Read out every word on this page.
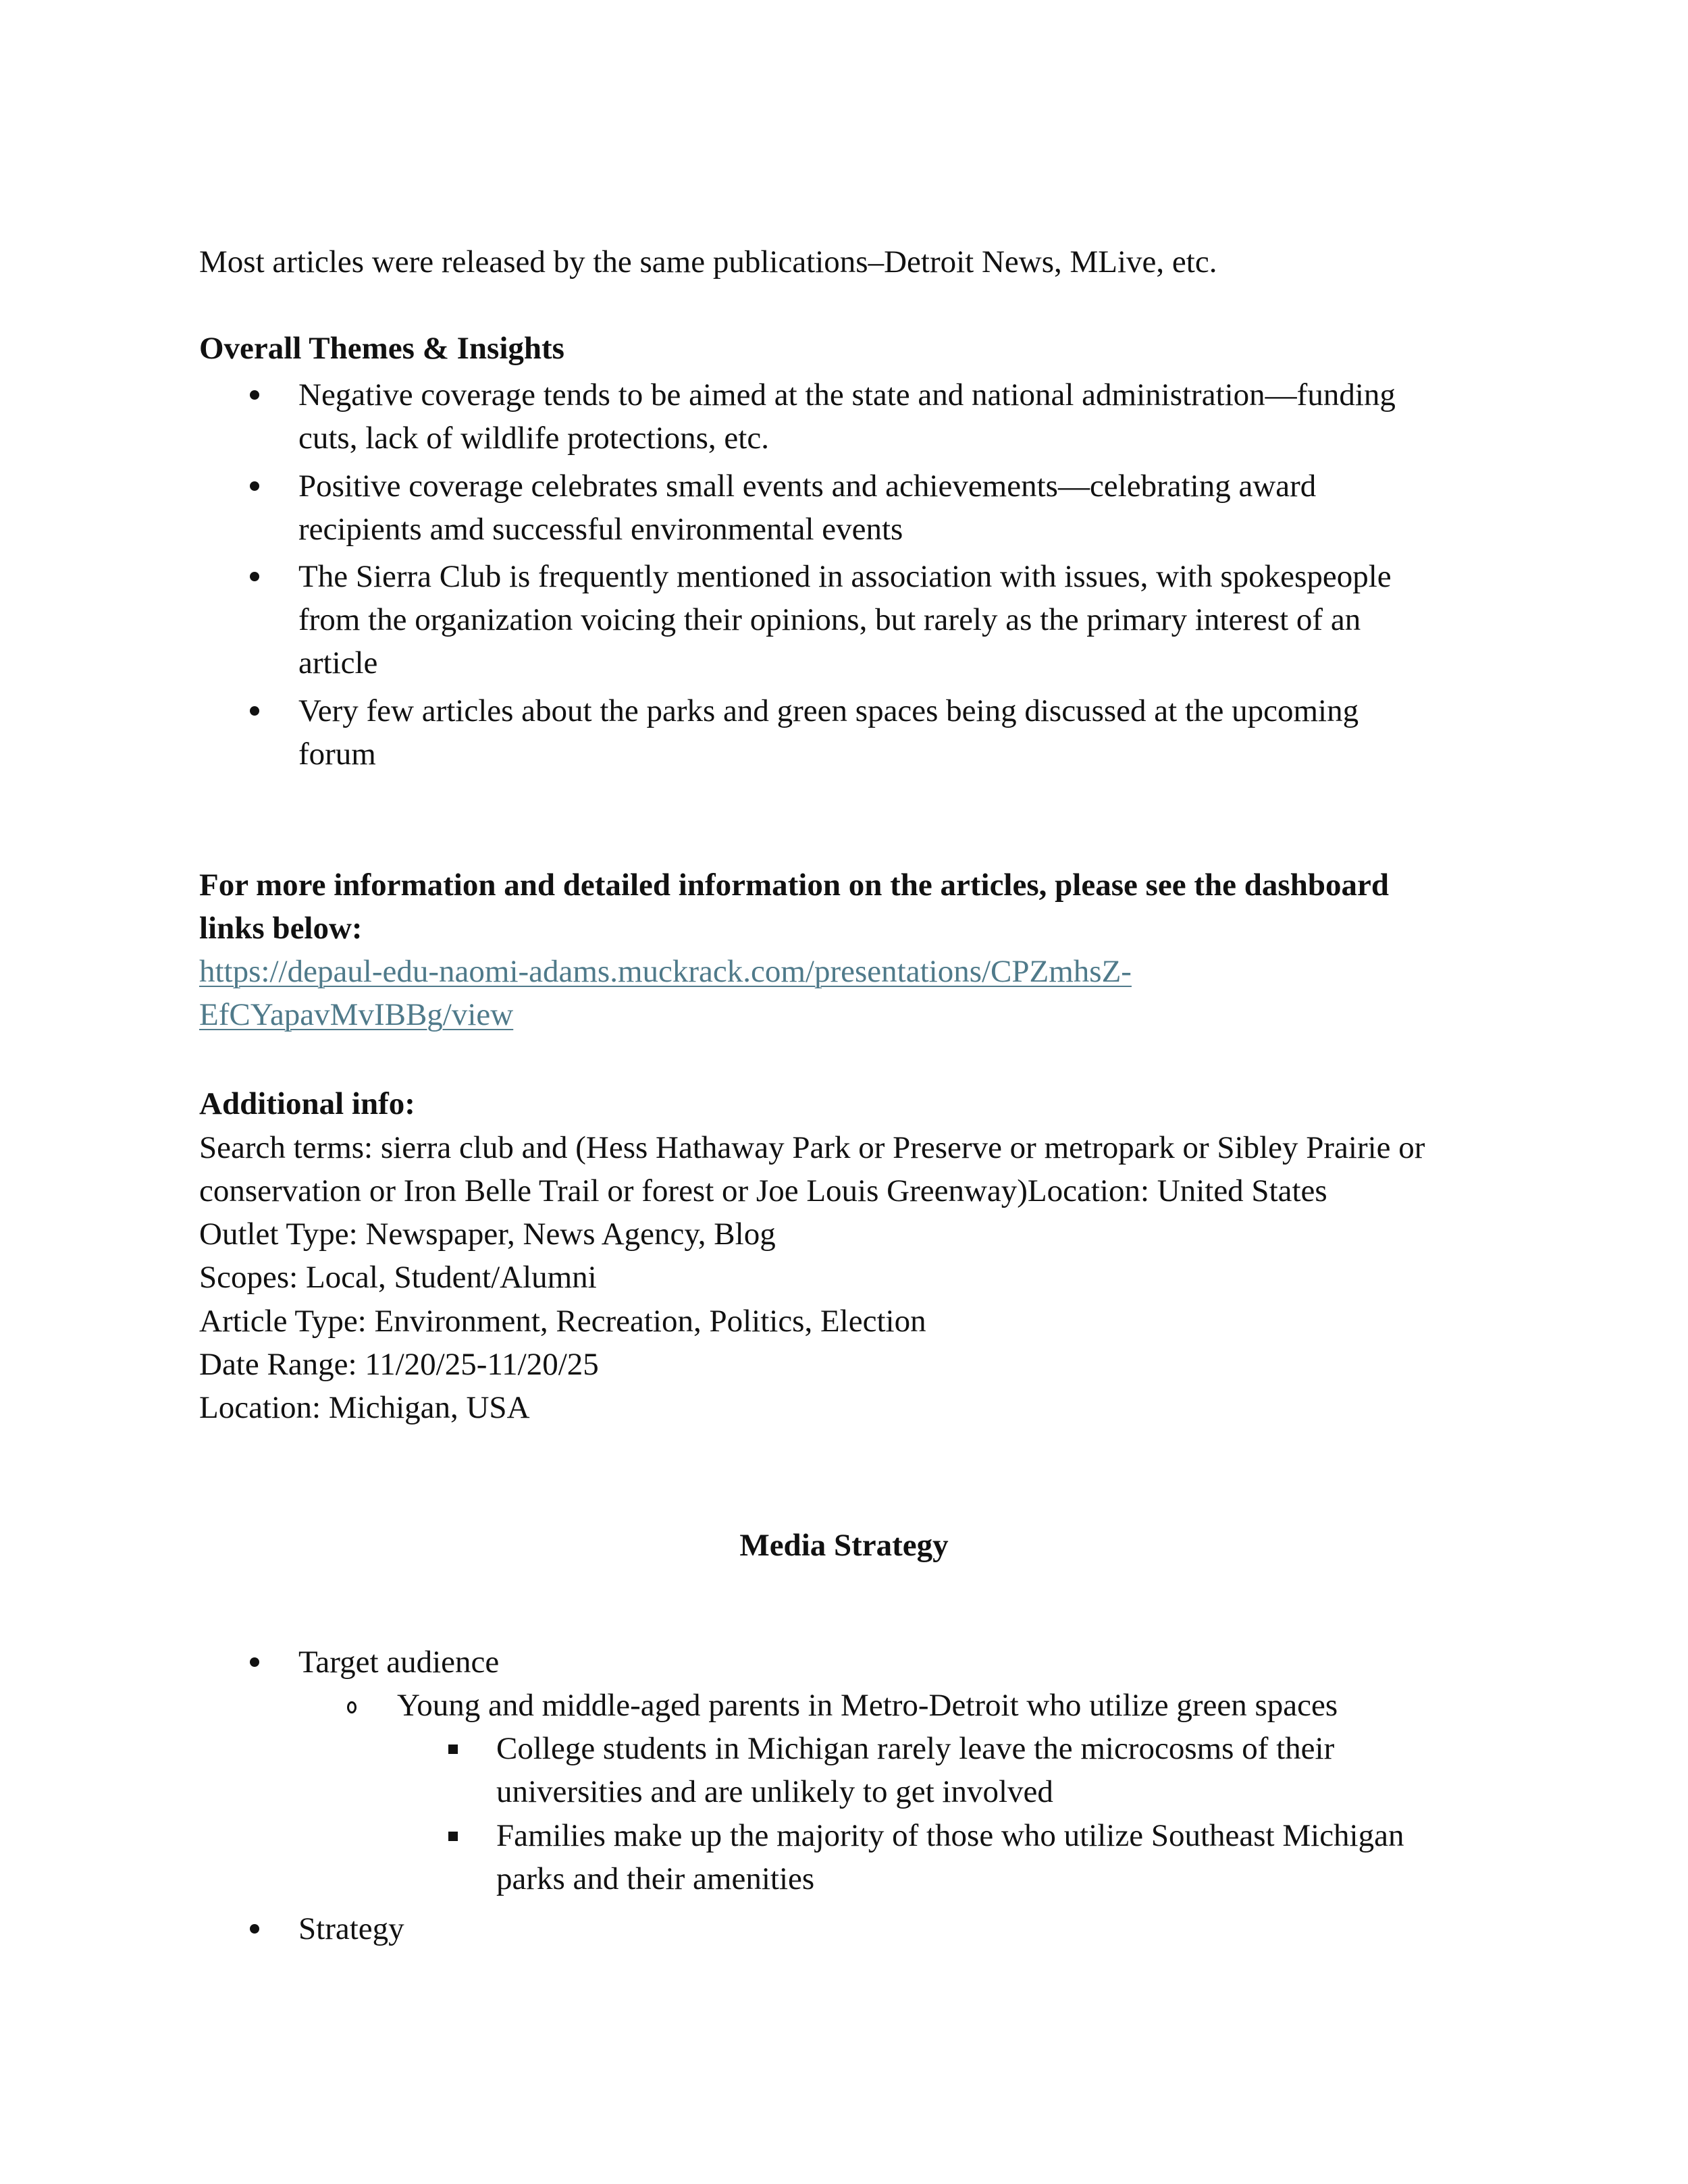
Most articles were released by the same publications–Detroit News, MLive, etc.
Overall Themes & Insights
Negative coverage tends to be aimed at the state and national administration—funding
cuts, lack of wildlife protections, etc.
Positive coverage celebrates small events and achievements—celebrating award
recipients amd successful environmental events
The Sierra Club is frequently mentioned in association with issues, with spokespeople
from the organization voicing their opinions, but rarely as the primary interest of an
article
Very few articles about the parks and green spaces being discussed at the upcoming
forum
For more information and detailed information on the articles, please see the dashboard
links below:
https://depaul-edu-naomi-adams.muckrack.com/presentations/CPZmhsZ-
EfCYapavMvIBBg/view
Additional info:
Search terms: sierra club and (Hess Hathaway Park or Preserve or metropark or Sibley Prairie or
conservation or Iron Belle Trail or forest or Joe Louis Greenway)Location: United States
Outlet Type: Newspaper, News Agency, Blog
Scopes: Local, Student/Alumni
Article Type: Environment, Recreation, Politics, Election
Date Range: 11/20/25-11/20/25
Location: Michigan, USA
Media Strategy
Target audience
Young and middle-aged parents in Metro-Detroit who utilize green spaces
College students in Michigan rarely leave the microcosms of their
universities and are unlikely to get involved
Families make up the majority of those who utilize Southeast Michigan
parks and their amenities
Strategy
